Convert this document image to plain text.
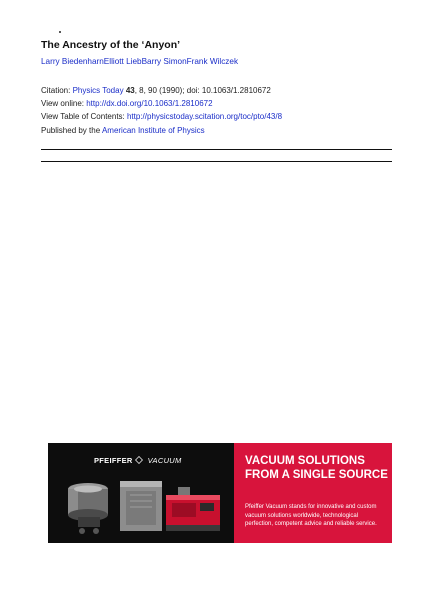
The Ancestry of the ‘Anyon’
Larry BiedenharnElliott LiebBarry SimonFrank Wilczek
Citation: Physics Today 43, 8, 90 (1990); doi: 10.1063/1.2810672
View online: http://dx.doi.org/10.1063/1.2810672
View Table of Contents: http://physicstoday.scitation.org/toc/pto/43/8
Published by the American Institute of Physics
PFEIFFER VACUUM	VACUUM SOLUTIONS
FROM A SINGLE SOURCE
Pfeiffer Vacuum stands for innovative and custom vacuum solutions worldwide, technological perfection, competent advice and reliable service.
